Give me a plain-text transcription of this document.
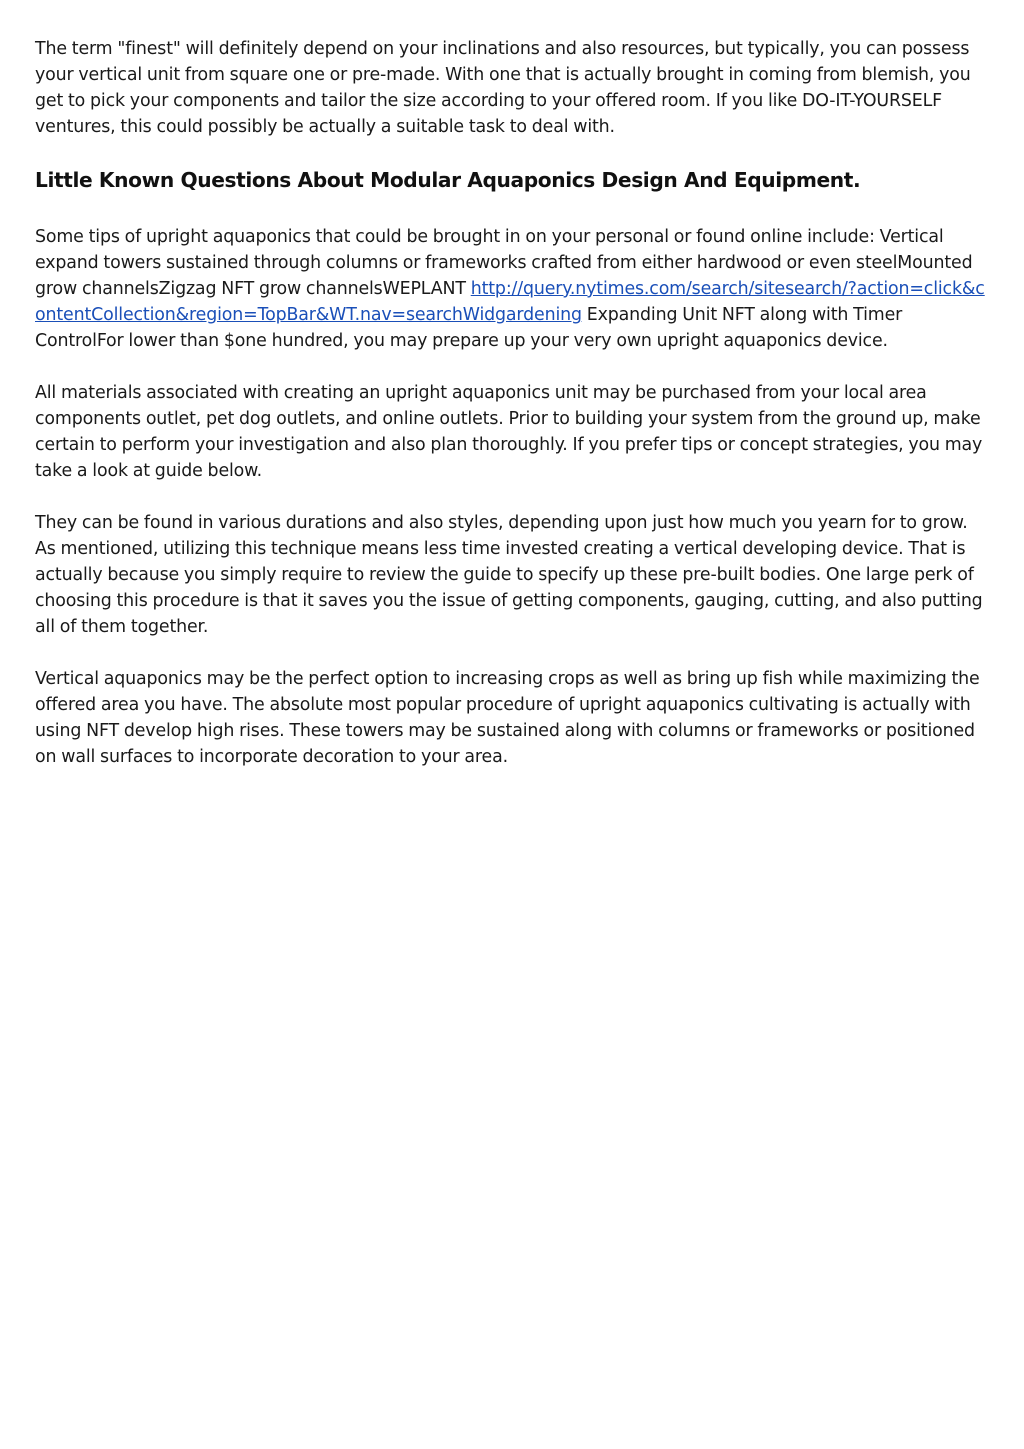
The term "finest" will definitely depend on your inclinations and also resources, but typically, you can possess your vertical unit from square one or pre-made. With one that is actually brought in coming from blemish, you get to pick your components and tailor the size according to your offered room. If you like DO-IT-YOURSELF ventures, this could possibly be actually a suitable task to deal with.

Little Known Questions About Modular Aquaponics Design And Equipment.

Some tips of upright aquaponics that could be brought in on your personal or found online include: Vertical expand towers sustained through columns or frameworks crafted from either hardwood or even steelMounted grow channelsZigzag NFT grow channelsWEPLANT http://query.nytimes.com/search/sitesearch/?action=click&contentCollection&region=TopBar&WT.nav=searchWidgardening Expanding Unit NFT along with Timer ControlFor lower than $one hundred, you may prepare up your very own upright aquaponics device.

All materials associated with creating an upright aquaponics unit may be purchased from your local area components outlet, pet dog outlets, and online outlets. Prior to building your system from the ground up, make certain to perform your investigation and also plan thoroughly. If you prefer tips or concept strategies, you may take a look at guide below.

They can be found in various durations and also styles, depending upon just how much you yearn for to grow. As mentioned, utilizing this technique means less time invested creating a vertical developing device. That is actually because you simply require to review the guide to specify up these pre-built bodies. One large perk of choosing this procedure is that it saves you the issue of getting components, gauging, cutting, and also putting all of them together.

Vertical aquaponics may be the perfect option to increasing crops as well as bring up fish while maximizing the offered area you have. The absolute most popular procedure of upright aquaponics cultivating is actually with using NFT develop high rises. These towers may be sustained along with columns or frameworks or positioned on wall surfaces to incorporate decoration to your area.
